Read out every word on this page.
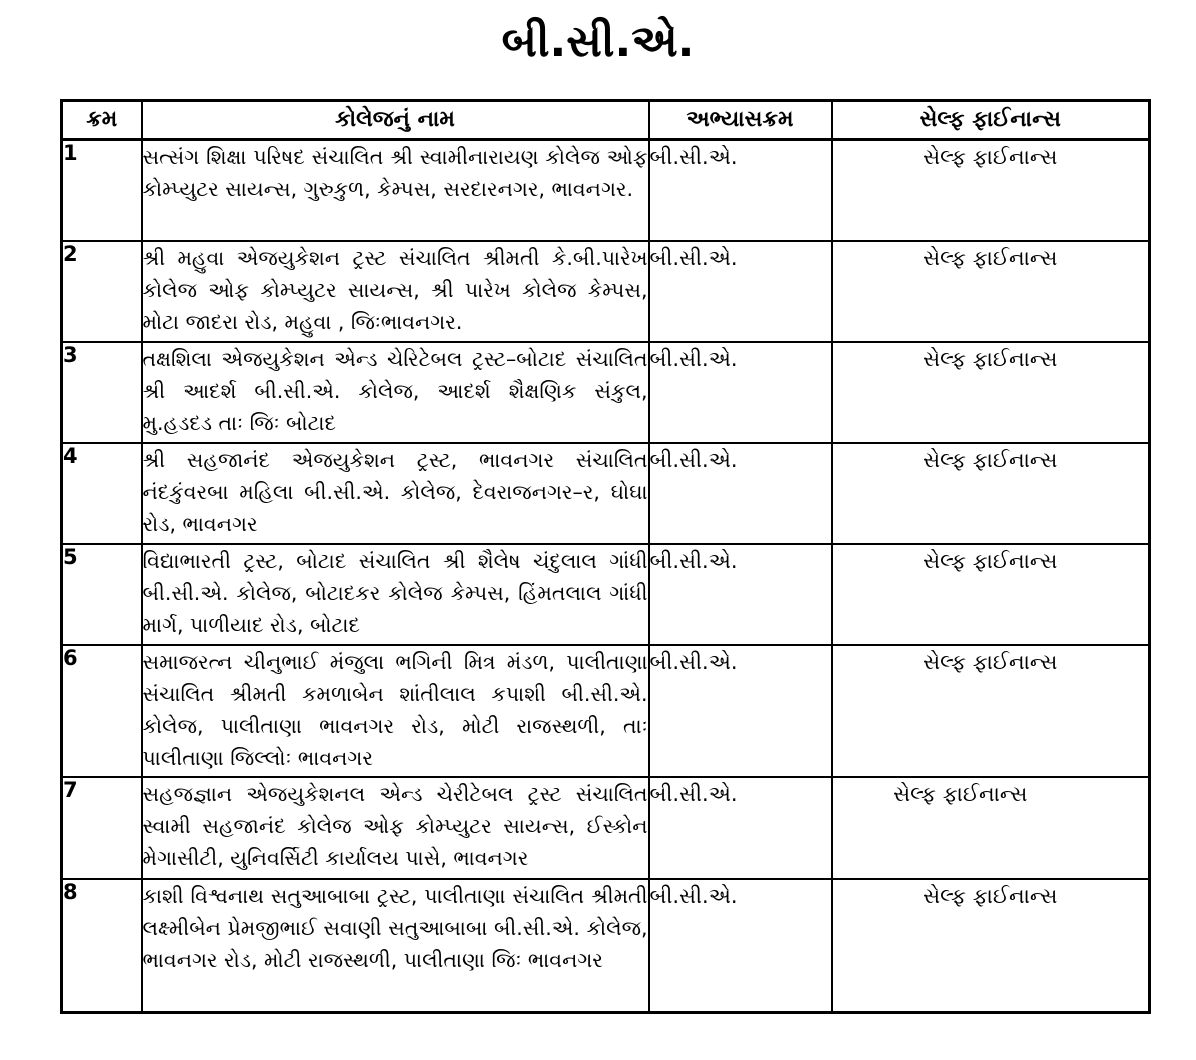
બી.સી.એ.
ક્રમ	કોલેજનું નામ	અભ્યાસક્રમ	સેલ્ફ ફાઈનાન્સ
1	સત્સંગ શિક્ષા પરિષદ સંચાલિત શ્રી સ્વામીનારાયણ કોલેજ ઓફ કોમ્પ્યુટર સાયન્સ, ગુરુકુળ, કેમ્પસ, સરદારનગર, ભાવનગર.	બી.સી.એ.	સેલ્ફ ફાઈનાન્સ
2	શ્રી મહુવા એજયુકેશન ટ્રસ્ટ સંચાલિત શ્રીમતી કે.બી.પારેખ કોલેજ ઓફ કોમ્પ્યુટર સાયન્સ, શ્રી પારેખ કોલેજ કેમ્પસ, મોટા જાદરા રોડ, મહુવા , જિઃભાવનગર.	બી.સી.એ.	સેલ્ફ ફાઈનાન્સ
3	તક્ષશિલા એજયુકેશન એન્ડ ચેરિટેબલ ટ્રસ્ટ–બોટાદ સંચાલિત શ્રી આદર્શ બી.સી.એ. કોલેજ, આદર્શ શૈક્ષણિક સંકુલ, મુ.હડદડ તાઃ જિઃ બોટાદ	બી.સી.એ.	સેલ્ફ ફાઈનાન્સ
4	શ્રી સહજાનંદ એજયુકેશન ટ્રસ્ટ, ભાવનગર સંચાલિત નંદકુંવરબા મહિલા બી.સી.એ. કોલેજ, દેવરાજનગર–ર, ઘોઘા રોડ, ભાવનગર	બી.સી.એ.	સેલ્ફ ફાઈનાન્સ
5	વિદ્યાભારતી ટ્રસ્ટ, બોટાદ સંચાલિત શ્રી શૈલેષ ચંદુલાલ ગાંધી બી.સી.એ. કોલેજ, બોટાદકર કોલેજ કેમ્પસ, હિંમતલાલ ગાંધી માર્ગ, પાળીયાદ રોડ, બોટાદ	બી.સી.એ.	સેલ્ફ ફાઈનાન્સ
6	સમાજરત્ન ચીનુભાઈ મંજુલા ભગિની મિત્ર મંડળ, પાલીતાણા સંચાલિત શ્રીમતી કમળાબેન શાંતીલાલ કપાશી બી.સી.એ. કોલેજ, પાલીતાણા ભાવનગર રોડ, મોટી રાજસ્થળી, તાઃ પાલીતાણા જિલ્લોઃ ભાવનગર	બી.સી.એ.	સેલ્ફ ફાઈનાન્સ
7	સહજજ્ઞાન એજયુકેશનલ એન્ડ ચેરીટેબલ ટ્રસ્ટ સંચાલિત સ્વામી સહજાનંદ કોલેજ ઓફ કોમ્પ્યુટર સાયન્સ, ઈસ્કોન મેગાસીટી, યુનિવર્સિટી કાર્યાલય પાસે, ભાવનગર	બી.સી.એ.	સેલ્ફ ફાઈનાન્સ
8	કાશી વિશ્વનાથ સતુઆબાબા ટ્રસ્ટ, પાલીતાણા સંચાલિત શ્રીમતી લક્ષ્મીબેન પ્રેમજીભાઈ સવાણી સતુઆબાબા બી.સી.એ. કોલેજ, ભાવનગર રોડ, મોટી રાજસ્થળી, પાલીતાણા જિઃ ભાવનગર	બી.સી.એ.	સેલ્ફ ફાઈનાન્સ
